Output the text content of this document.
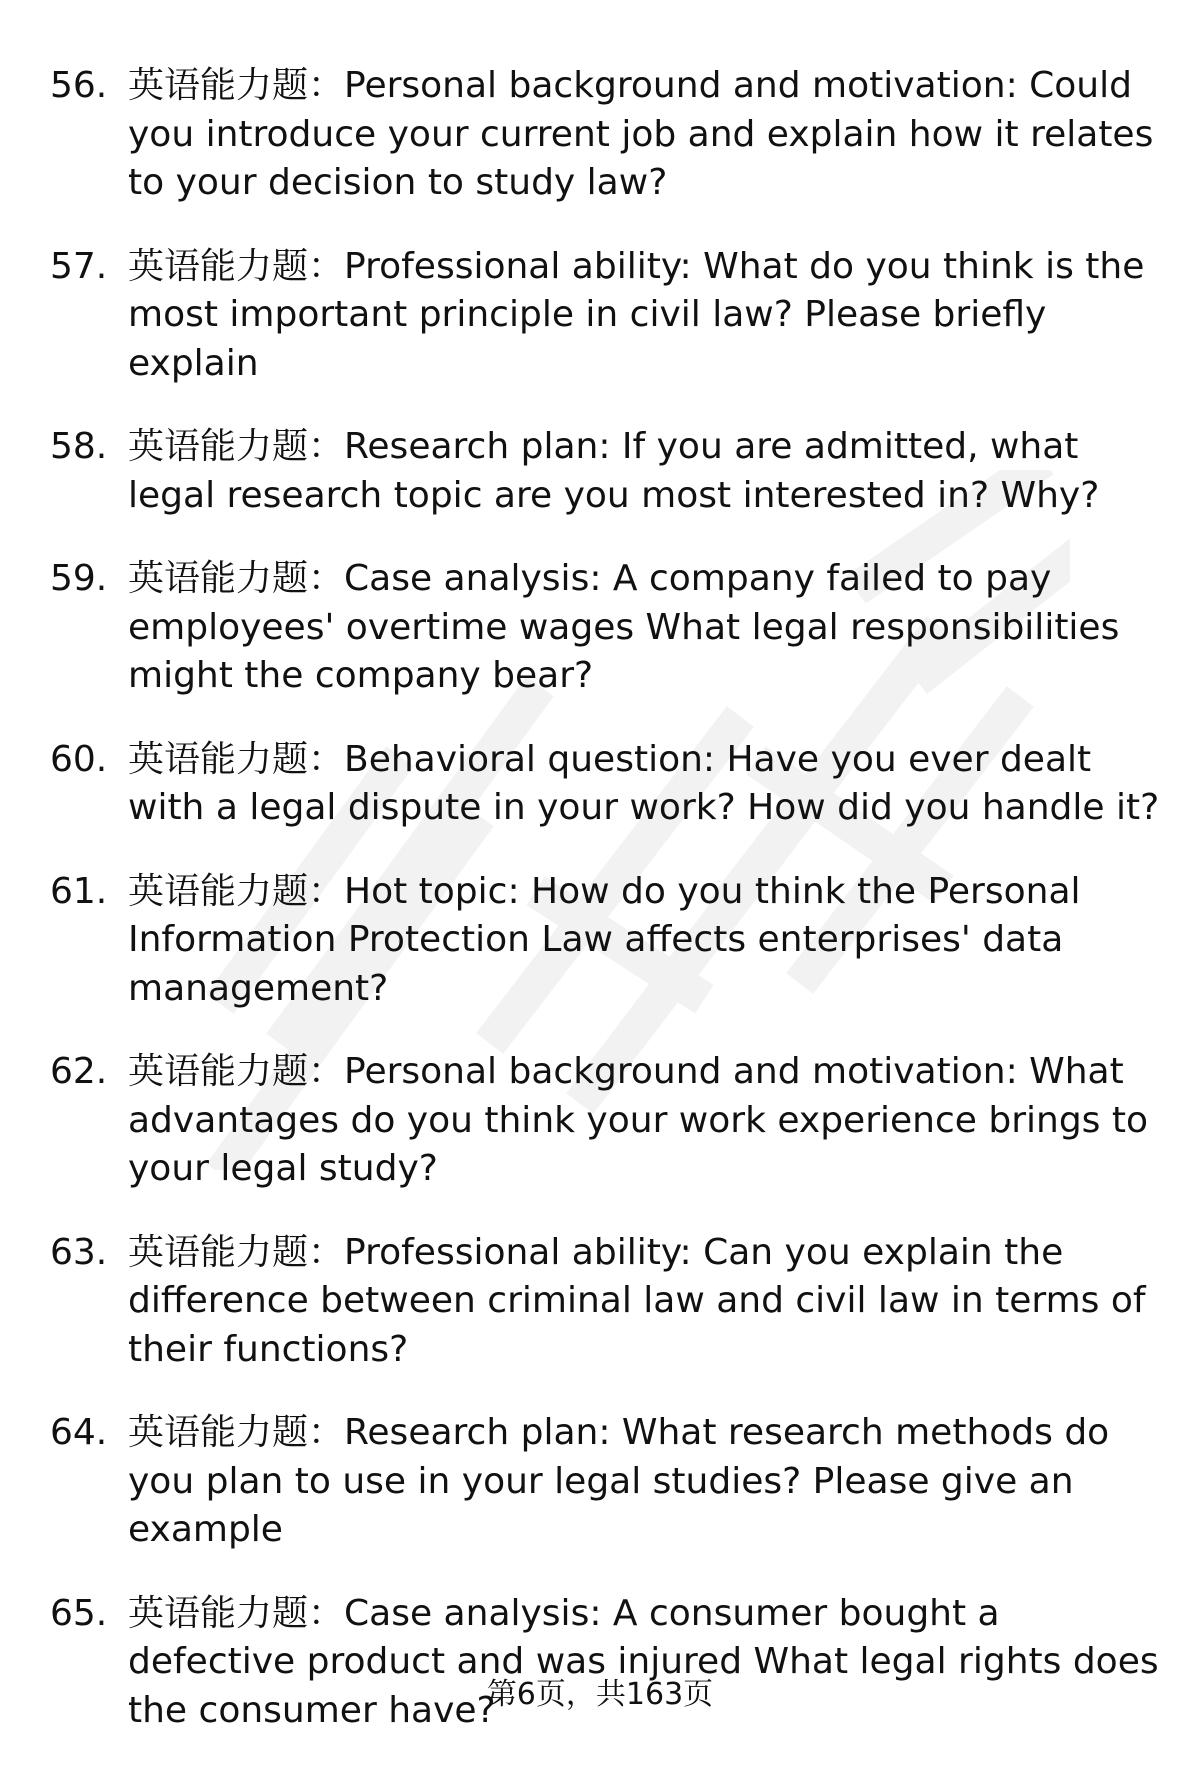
56. 英语能力题：Personal background and motivation: Could you introduce your current job and explain how it relates to your decision to study law?
57. 英语能力题：Professional ability: What do you think is the most important principle in civil law? Please briefly explain
58. 英语能力题：Research plan: If you are admitted, what legal research topic are you most interested in? Why?
59. 英语能力题：Case analysis: A company failed to pay employees' overtime wages What legal responsibilities might the company bear?
60. 英语能力题：Behavioral question: Have you ever dealt with a legal dispute in your work? How did you handle it?
61. 英语能力题：Hot topic: How do you think the Personal Information Protection Law affects enterprises' data management?
62. 英语能力题：Personal background and motivation: What advantages do you think your work experience brings to your legal study?
63. 英语能力题：Professional ability: Can you explain the difference between criminal law and civil law in terms of their functions?
64. 英语能力题：Research plan: What research methods do you plan to use in your legal studies? Please give an example
65. 英语能力题：Case analysis: A consumer bought a defective product and was injured What legal rights does the consumer have?
第6页，共163页
